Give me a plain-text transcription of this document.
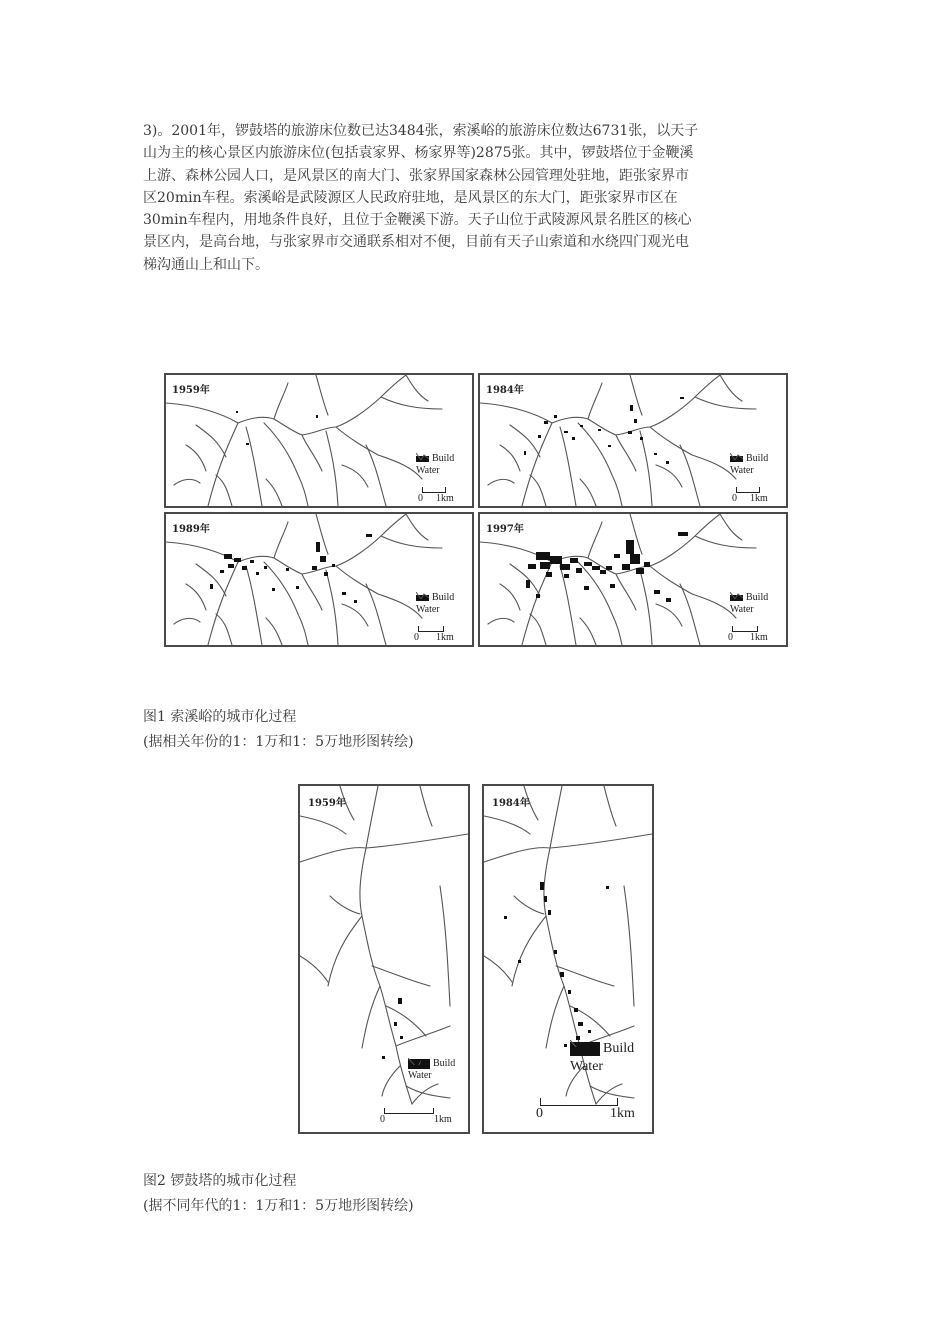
3)。2001年，锣鼓塔的旅游床位数已达3484张，索溪峪的旅游床位数达6731张，以天子
山为主的核心景区内旅游床位(包括袁家界、杨家界等)2875张。其中，锣鼓塔位于金鞭溪
上游、森林公园人口，是风景区的南大门、张家界国家森林公园管理处驻地，距张家界市
区20min车程。索溪峪是武陵源区人民政府驻地，是风景区的东大门，距张家界市区在
30min车程内，用地条件良好，且位于金鞭溪下游。天子山位于武陵源风景名胜区的核心
景区内，是高台地，与张家界市交通联系相对不便，目前有天子山索道和水绕四门观光电
梯沟通山上和山下。
1959年
Build
Water
0 1km
1984年
Build
Water
0 1km
1989年
Build
Water
0 1km
1997年
Build
Water
0 1km
图1 索溪峪的城市化过程
(据相关年份的1：1万和1：5万地形图转绘)
1959年
Build
Water
0	1km
1984年
Build
Water
0	1km
图2 锣鼓塔的城市化过程
(据不同年代的1：1万和1：5万地形图转绘)
